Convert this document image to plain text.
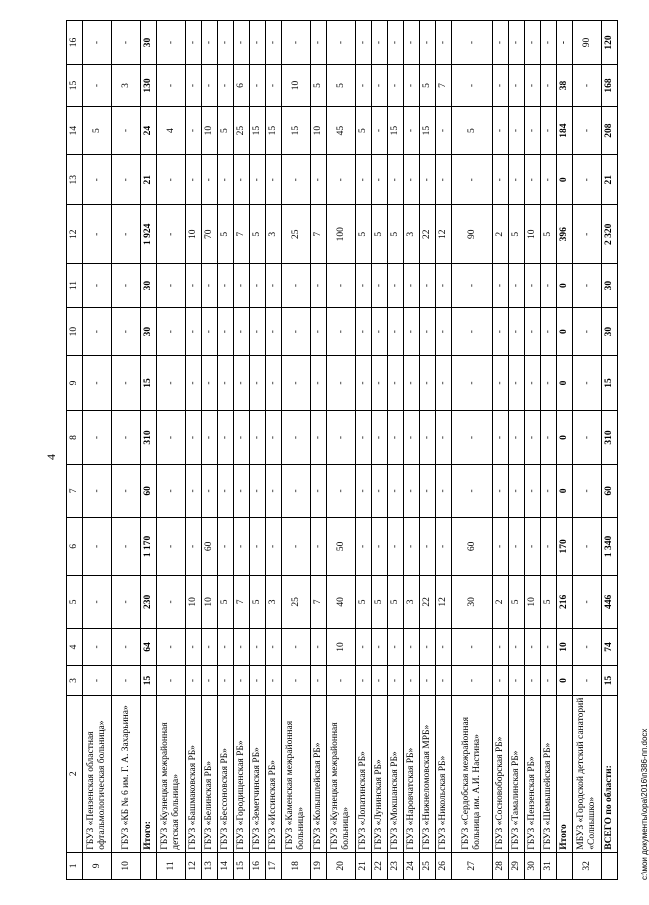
4
1	2	3	4	5	6	7	8	9	10	11	12	13	14	15	16
9	ГБУЗ «Пензенская областная офтальмологическая больница»	-	-	-	-	-	-	-	-	-	-	-	5	-	-
10	ГБУЗ «КБ № 6 им. Г. А. Захарьина»	-	-	-	-	-	-	-	-	-	-	-	-	3	-
	Итого:	15	64	230	1 170	60	310	15	30	30	1 924	21	24	130	30
11	ГБУЗ «Кузнецкая межрайонная детская больница»	-	-	-	-	-	-	-	-	-	-	-	4	-	-
12	ГБУЗ «Башмаковская РБ»	-	-	10	-	-	-	-	-	-	10	-	-	-	-
13	ГБУЗ «Белинская РБ»	-	-	10	60	-	-	-	-	-	70	-	10	-	-
14	ГБУЗ «Бессоновская РБ»	-	-	5	-	-	-	-	-	-	5	-	5	-	-
15	ГБУЗ «Городищенская РБ»	-	-	7	-	-	-	-	-	-	7	-	25	6	-
16	ГБУЗ «Земетчинская РБ»	-	-	5	-	-	-	-	-	-	5	-	15	-	-
17	ГБУЗ «Иссинская РБ»	-	-	3	-	-	-	-	-	-	3	-	15	-	-
18	ГБУЗ «Каменская межрайонная больница»	-	-	25	-	-	-	-	-	-	25	-	15	10	-
19	ГБУЗ «Колышлейская РБ»	-	-	7	-	-	-	-	-	-	7	-	10	5	-
20	ГБУЗ «Кузнецкая межрайонная больница»	-	10	40	50	-	-	-	-	-	100	-	45	5	-
21	ГБУЗ «Лопатинская РБ»	-	-	5	-	-	-	-	-	-	5	-	5	-	-
22	ГБУЗ «Лунинская РБ»	-	-	5	-	-	-	-	-	-	5	-	-	-	-
23	ГБУЗ «Мокшанская РБ»	-	-	5	-	-	-	-	-	-	5	-	15	-	-
24	ГБУЗ «Наровчатская РБ»	-	-	3	-	-	-	-	-	-	3	-	-	-	-
25	ГБУЗ «Нижнеломовская МРБ»	-	-	22	-	-	-	-	-	-	22	-	15	5	-
26	ГБУЗ «Никольская РБ»	-	-	12	-	-	-	-	-	-	12	-	-	7	-
27	ГБУЗ «Сердобская межрайонная больница им. А.И. Настина»	-	-	30	60	-	-	-	-	-	90	-	5	-	-
28	ГБУЗ «Сосновоборская РБ»	-	-	2	-	-	-	-	-	-	2	-	-	-	-
29	ГБУЗ «Тамалинская РБ»	-	-	5	-	-	-	-	-	-	5	-	-	-	-
30	ГБУЗ «Пензенская РБ»	-	-	10	-	-	-	-	-	-	10	-	-	-	-
31	ГБУЗ «Шемышейская РБ»	-	-	5	-	-	-	-	-	-	5	-	-	-	-
	Итого	0	10	216	170	0	0	0	0	0	396	0	184	38	-
32	МБУЗ «Городской детский санаторий «Солнышко»	-	-	-	-	-	-	-	-	-	-	-	-	-	90
	ВСЕГО по области:	15	74	446	1 340	60	310	15	30	30	2 320	21	208	168	120
c:\мои документы\opa\2016\п386-пп.docx
